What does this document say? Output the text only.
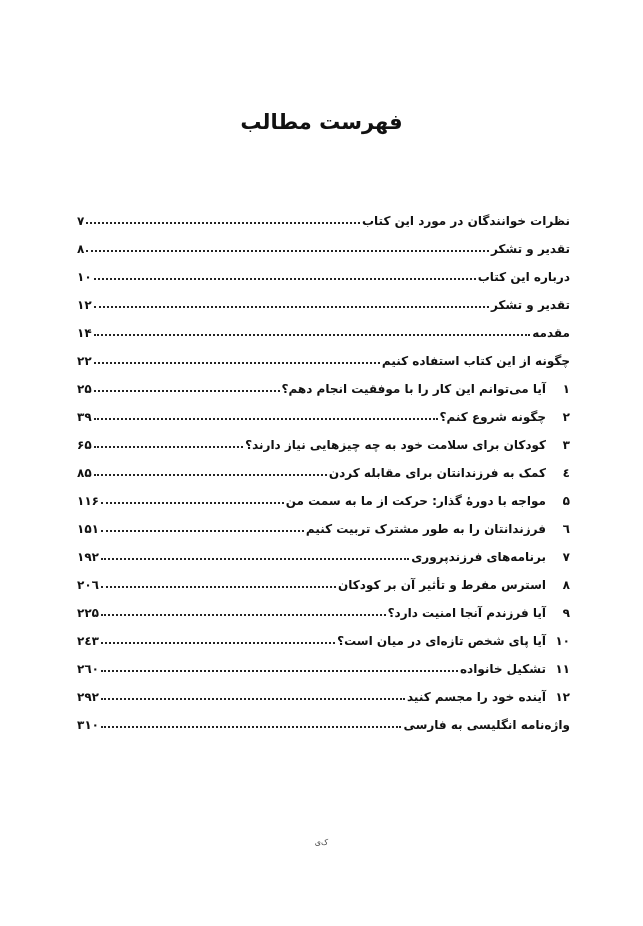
فهرست مطالب
نظرات خوانندگان در مورد این کتاب
۷
تقدیر و تشکر
۸
درباره این کتاب
۱۰
تقدیر و تشکر
۱۲
مقدمه
۱۴
چگونه از این کتاب استفاده کنیم
۲۲
۱
آیا می‌توانم این کار را با موفقیت انجام دهم؟
۲۵
۲
چگونه شروع کنم؟
۳۹
۳
کودکان برای سلامت خود به چه چیزهایی نیاز دارند؟
۶۵
٤
کمک به فرزندانتان برای مقابله کردن
۸۵
۵
مواجه با دورهٔ گذار: حرکت از ما به سمت من
۱۱۶
٦
فرزندانتان را به طور مشترک تربیت کنیم
۱۵۱
۷
برنامه‌های فرزندپروری
۱۹۲
۸
استرس مفرط و تأثیر آن بر کودکان
۲۰٦
۹
آیا فرزندم آنجا امنیت دارد؟
۲۲۵
۱۰
آیا پای شخص تازه‌ای در میان است؟
۲٤۳
۱۱
تشکیل خانواده
۲٦۰
۱۲
آینده خود را مجسم کنید
۲۹۲
واژه‌نامه انگلیسی به فارسی
۳۱۰
ک‌ی
